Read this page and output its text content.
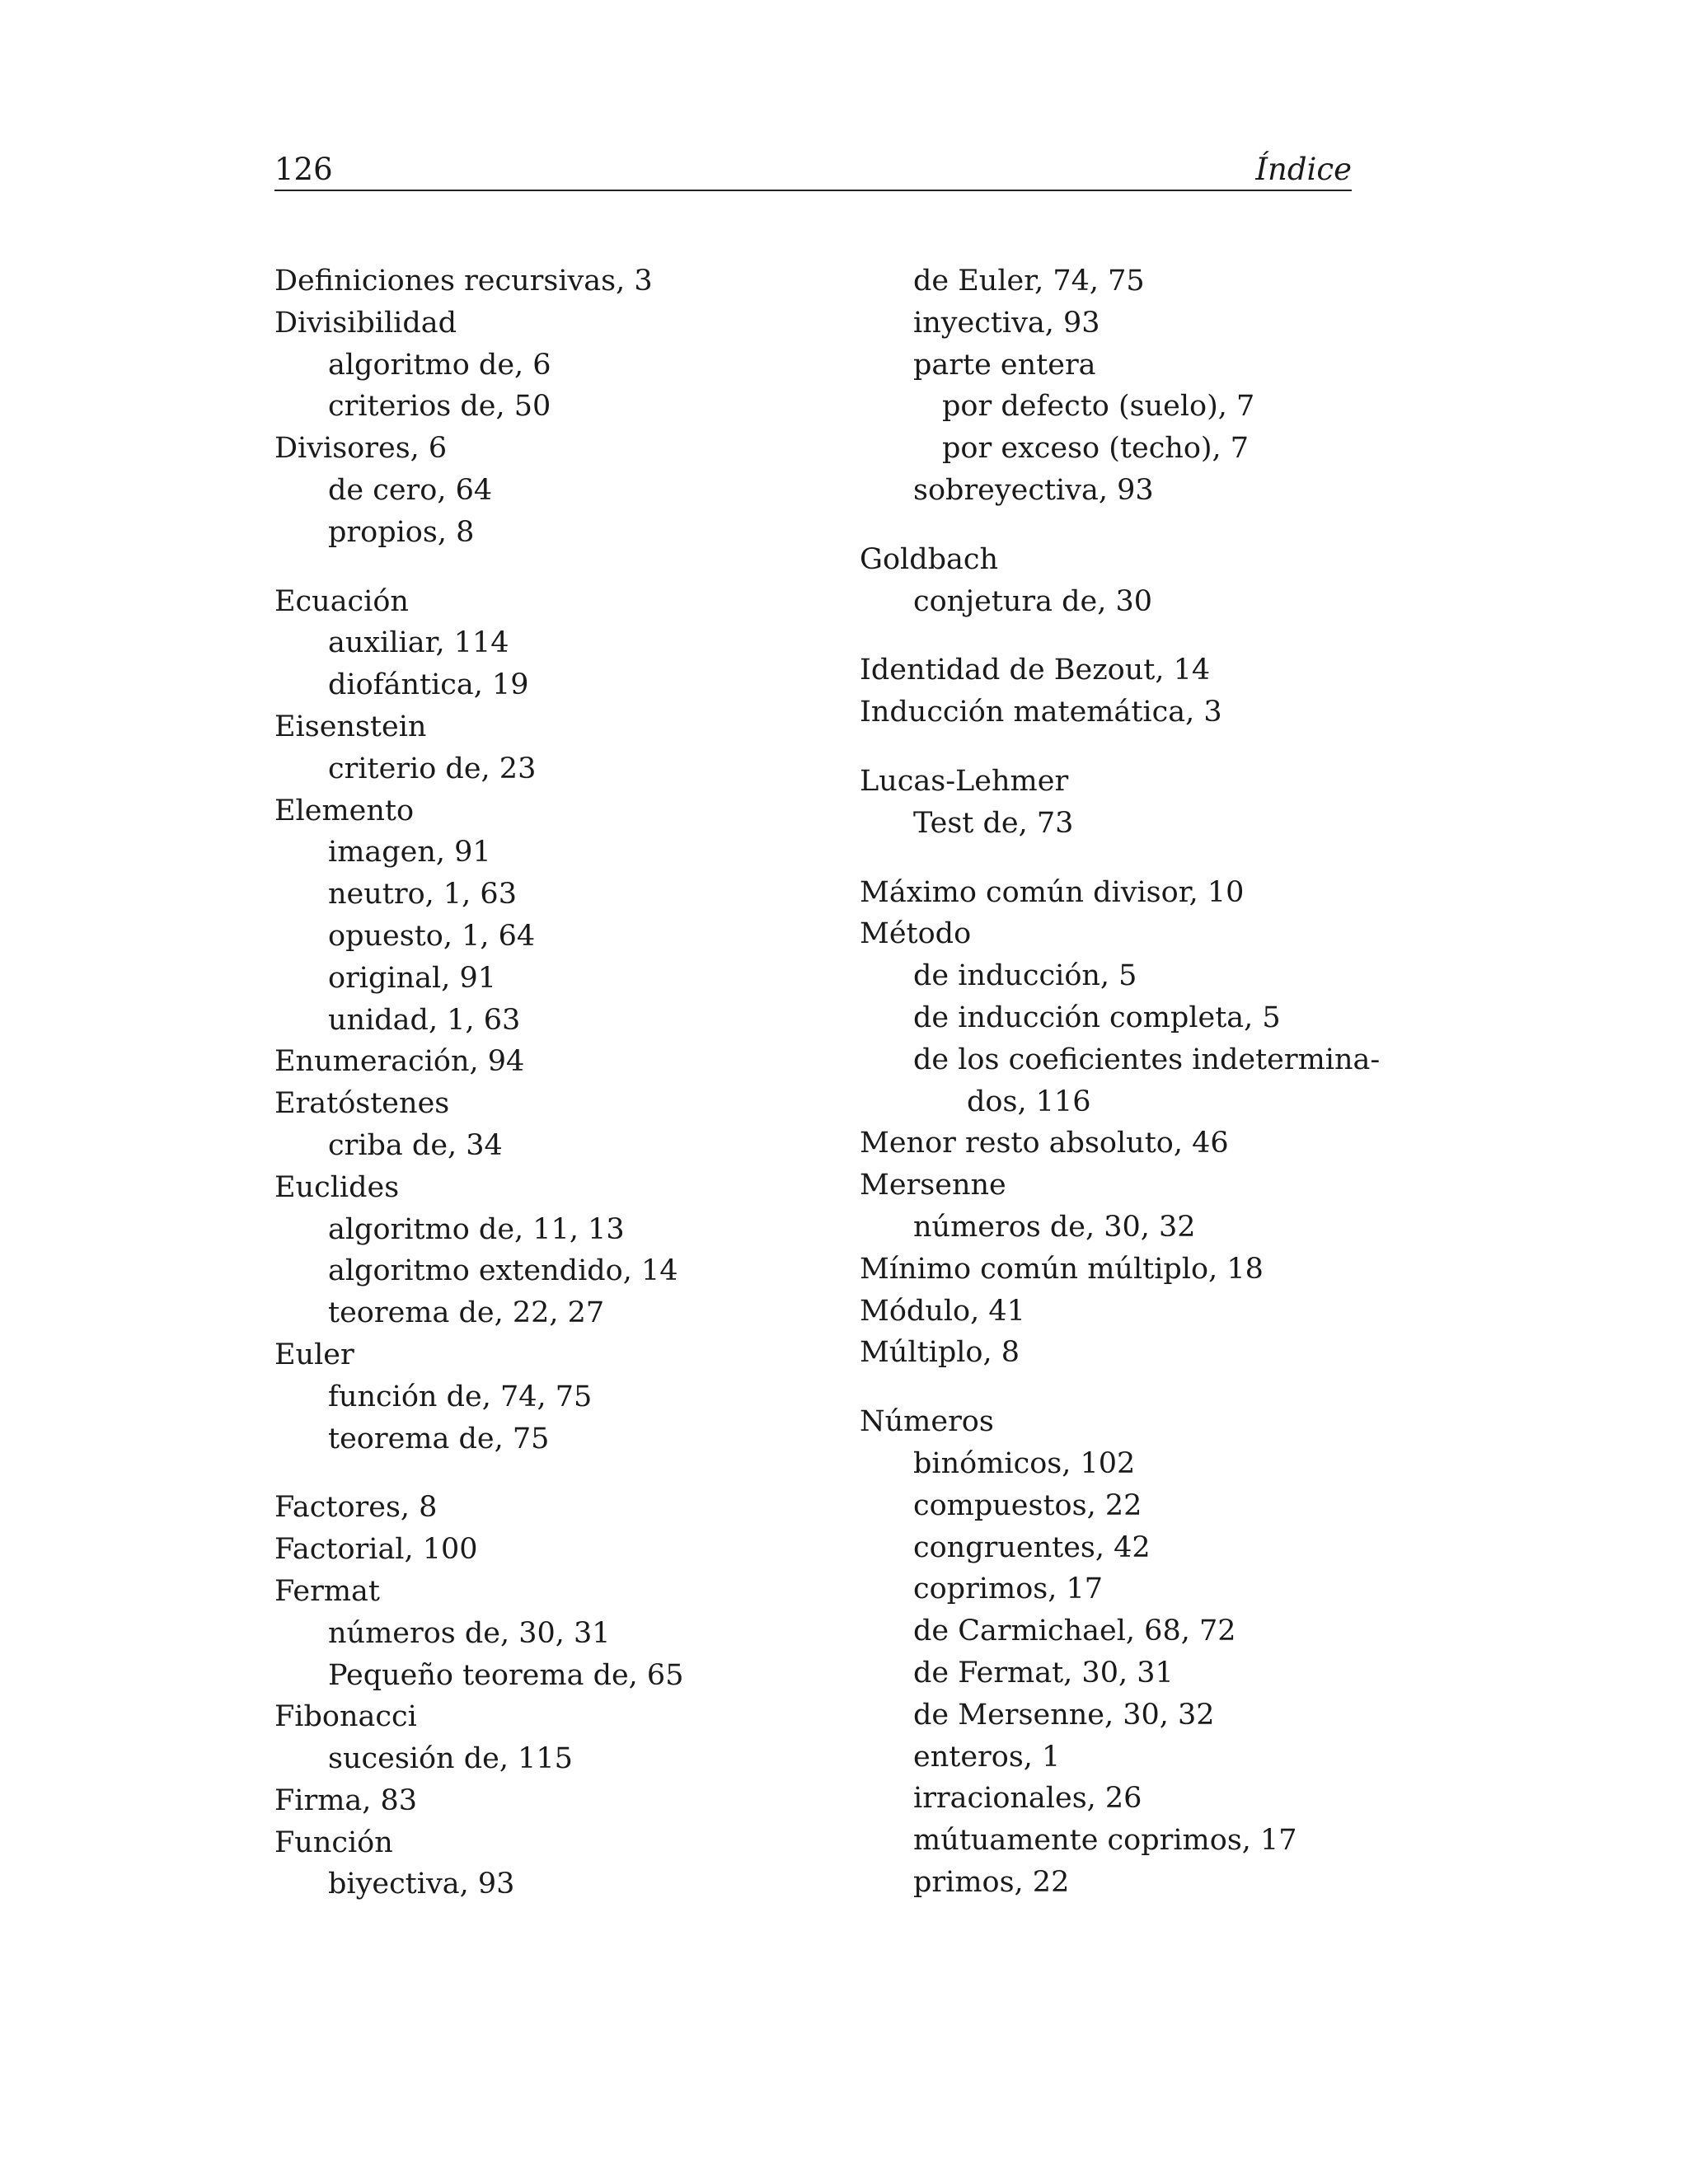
126	Índice
Definiciones recursivas, 3
Divisibilidad
algoritmo de, 6
criterios de, 50
Divisores, 6
de cero, 64
propios, 8
Ecuación
auxiliar, 114
diofántica, 19
Eisenstein
criterio de, 23
Elemento
imagen, 91
neutro, 1, 63
opuesto, 1, 64
original, 91
unidad, 1, 63
Enumeración, 94
Eratóstenes
criba de, 34
Euclides
algoritmo de, 11, 13
algoritmo extendido, 14
teorema de, 22, 27
Euler
función de, 74, 75
teorema de, 75
Factores, 8
Factorial, 100
Fermat
números de, 30, 31
Pequeño teorema de, 65
Fibonacci
sucesión de, 115
Firma, 83
Función
biyectiva, 93
de Euler, 74, 75
inyectiva, 93
parte entera
por defecto (suelo), 7
por exceso (techo), 7
sobreyectiva, 93
Goldbach
conjetura de, 30
Identidad de Bezout, 14
Inducción matemática, 3
Lucas-Lehmer
Test de, 73
Máximo común divisor, 10
Método
de inducción, 5
de inducción completa, 5
de los coeficientes indetermina-
dos, 116
Menor resto absoluto, 46
Mersenne
números de, 30, 32
Mínimo común múltiplo, 18
Módulo, 41
Múltiplo, 8
Números
binómicos, 102
compuestos, 22
congruentes, 42
coprimos, 17
de Carmichael, 68, 72
de Fermat, 30, 31
de Mersenne, 30, 32
enteros, 1
irracionales, 26
mútuamente coprimos, 17
primos, 22
